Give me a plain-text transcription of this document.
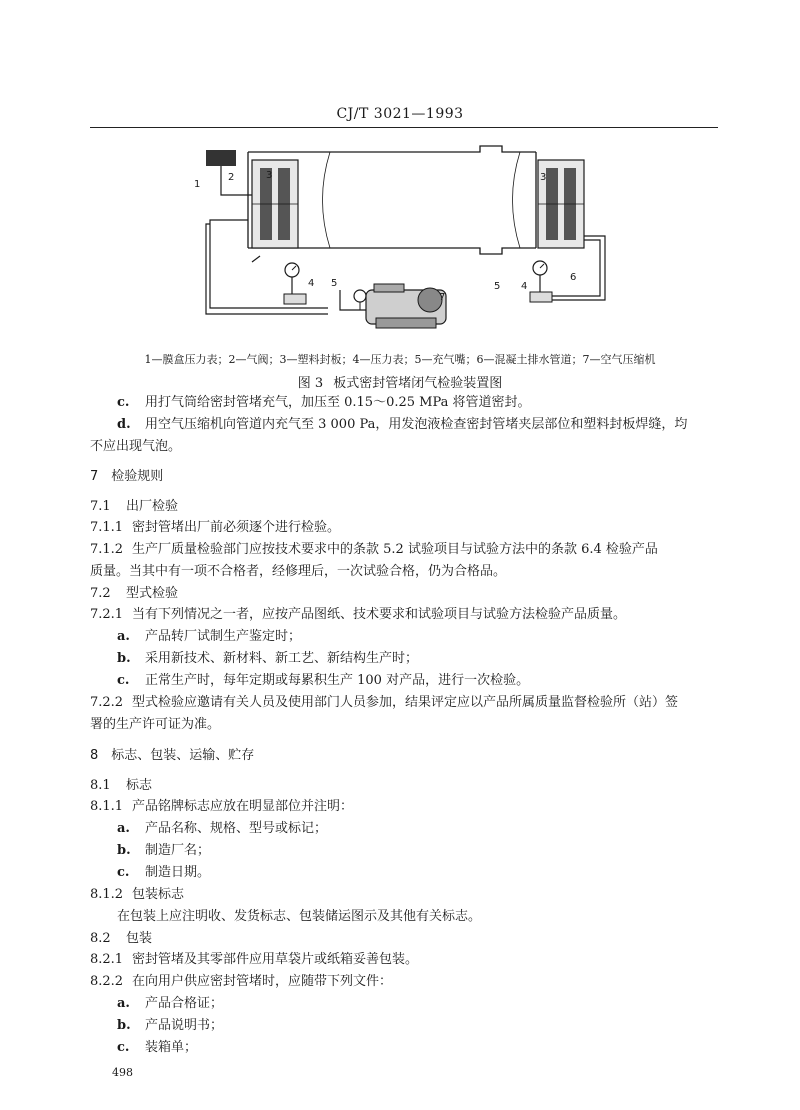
CJ/T 3021—1993
1
2	3	3
4 5	4
5
6
7
1—膜盒压力表；2—气阀；3—塑料封板；4—压力表；5—充气嘴；6—混凝土排水管道；7—空气压缩机
图 3 板式密封管堵闭气检验装置图
c. 用打气筒给密封管堵充气，加压至 0.15～0.25 MPa 将管道密封。
d. 用空气压缩机向管道内充气至 3 000 Pa，用发泡液检查密封管堵夹层部位和塑料封板焊缝，均
不应出现气泡。
7　检验规则
7.1 出厂检验
7.1.1 密封管堵出厂前必须逐个进行检验。
7.1.2 生产厂质量检验部门应按技术要求中的条款 5.2 试验项目与试验方法中的条款 6.4 检验产品
质量。当其中有一项不合格者，经修理后，一次试验合格，仍为合格品。
7.2 型式检验
7.2.1 当有下列情况之一者，应按产品图纸、技术要求和试验项目与试验方法检验产品质量。
a. 产品转厂试制生产鉴定时；
b. 采用新技术、新材料、新工艺、新结构生产时；
c. 正常生产时，每年定期或每累积生产 100 对产品，进行一次检验。
7.2.2 型式检验应邀请有关人员及使用部门人员参加，结果评定应以产品所属质量监督检验所（站）签
署的生产许可证为准。
8　标志、包装、运输、贮存
8.1 标志
8.1.1 产品铭牌标志应放在明显部位并注明：
a. 产品名称、规格、型号或标记；
b. 制造厂名；
c. 制造日期。
8.1.2 包装标志
在包装上应注明收、发货标志、包装储运图示及其他有关标志。
8.2 包装
8.2.1 密封管堵及其零部件应用草袋片或纸箱妥善包装。
8.2.2 在向用户供应密封管堵时，应随带下列文件：
a. 产品合格证；
b. 产品说明书；
c. 装箱单；
498
